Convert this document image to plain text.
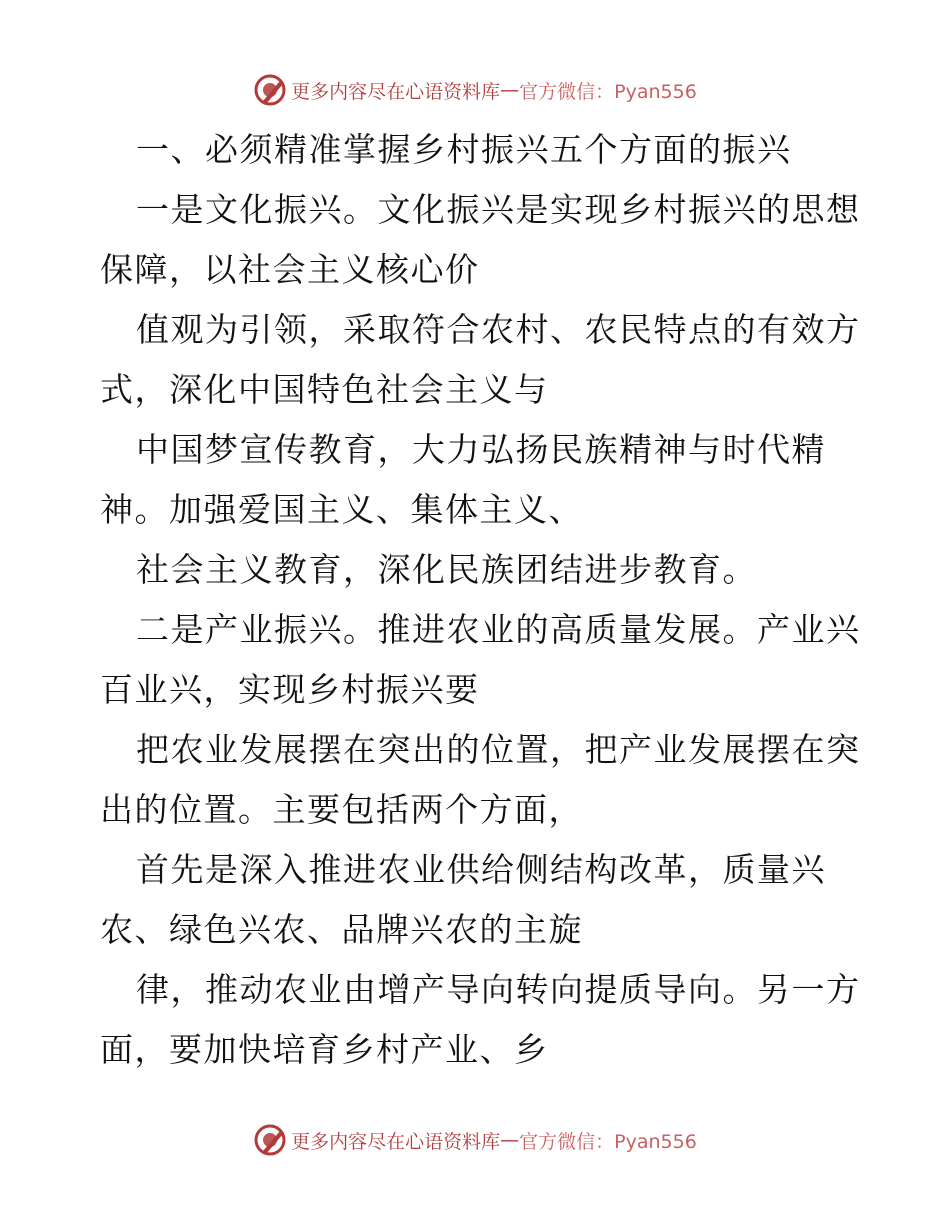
更多内容尽在心语资料库 — 官方微信：Pyan556
一、必须精准掌握乡村振兴五个方面的振兴
一是文化振兴。文化振兴是实现乡村振兴的思想
保障，以社会主义核心价
值观为引领，采取符合农村、农民特点的有效方
式，深化中国特色社会主义与
中国梦宣传教育，大力弘扬民族精神与时代精
神。加强爱国主义、集体主义、
社会主义教育，深化民族团结进步教育。
二是产业振兴。推进农业的高质量发展。产业兴
百业兴，实现乡村振兴要
把农业发展摆在突出的位置，把产业发展摆在突
出的位置。主要包括两个方面，
首先是深入推进农业供给侧结构改革，质量兴
农、绿色兴农、品牌兴农的主旋
律，推动农业由增产导向转向提质导向。另一方
面，要加快培育乡村产业、乡
更多内容尽在心语资料库 — 官方微信：Pyan556
